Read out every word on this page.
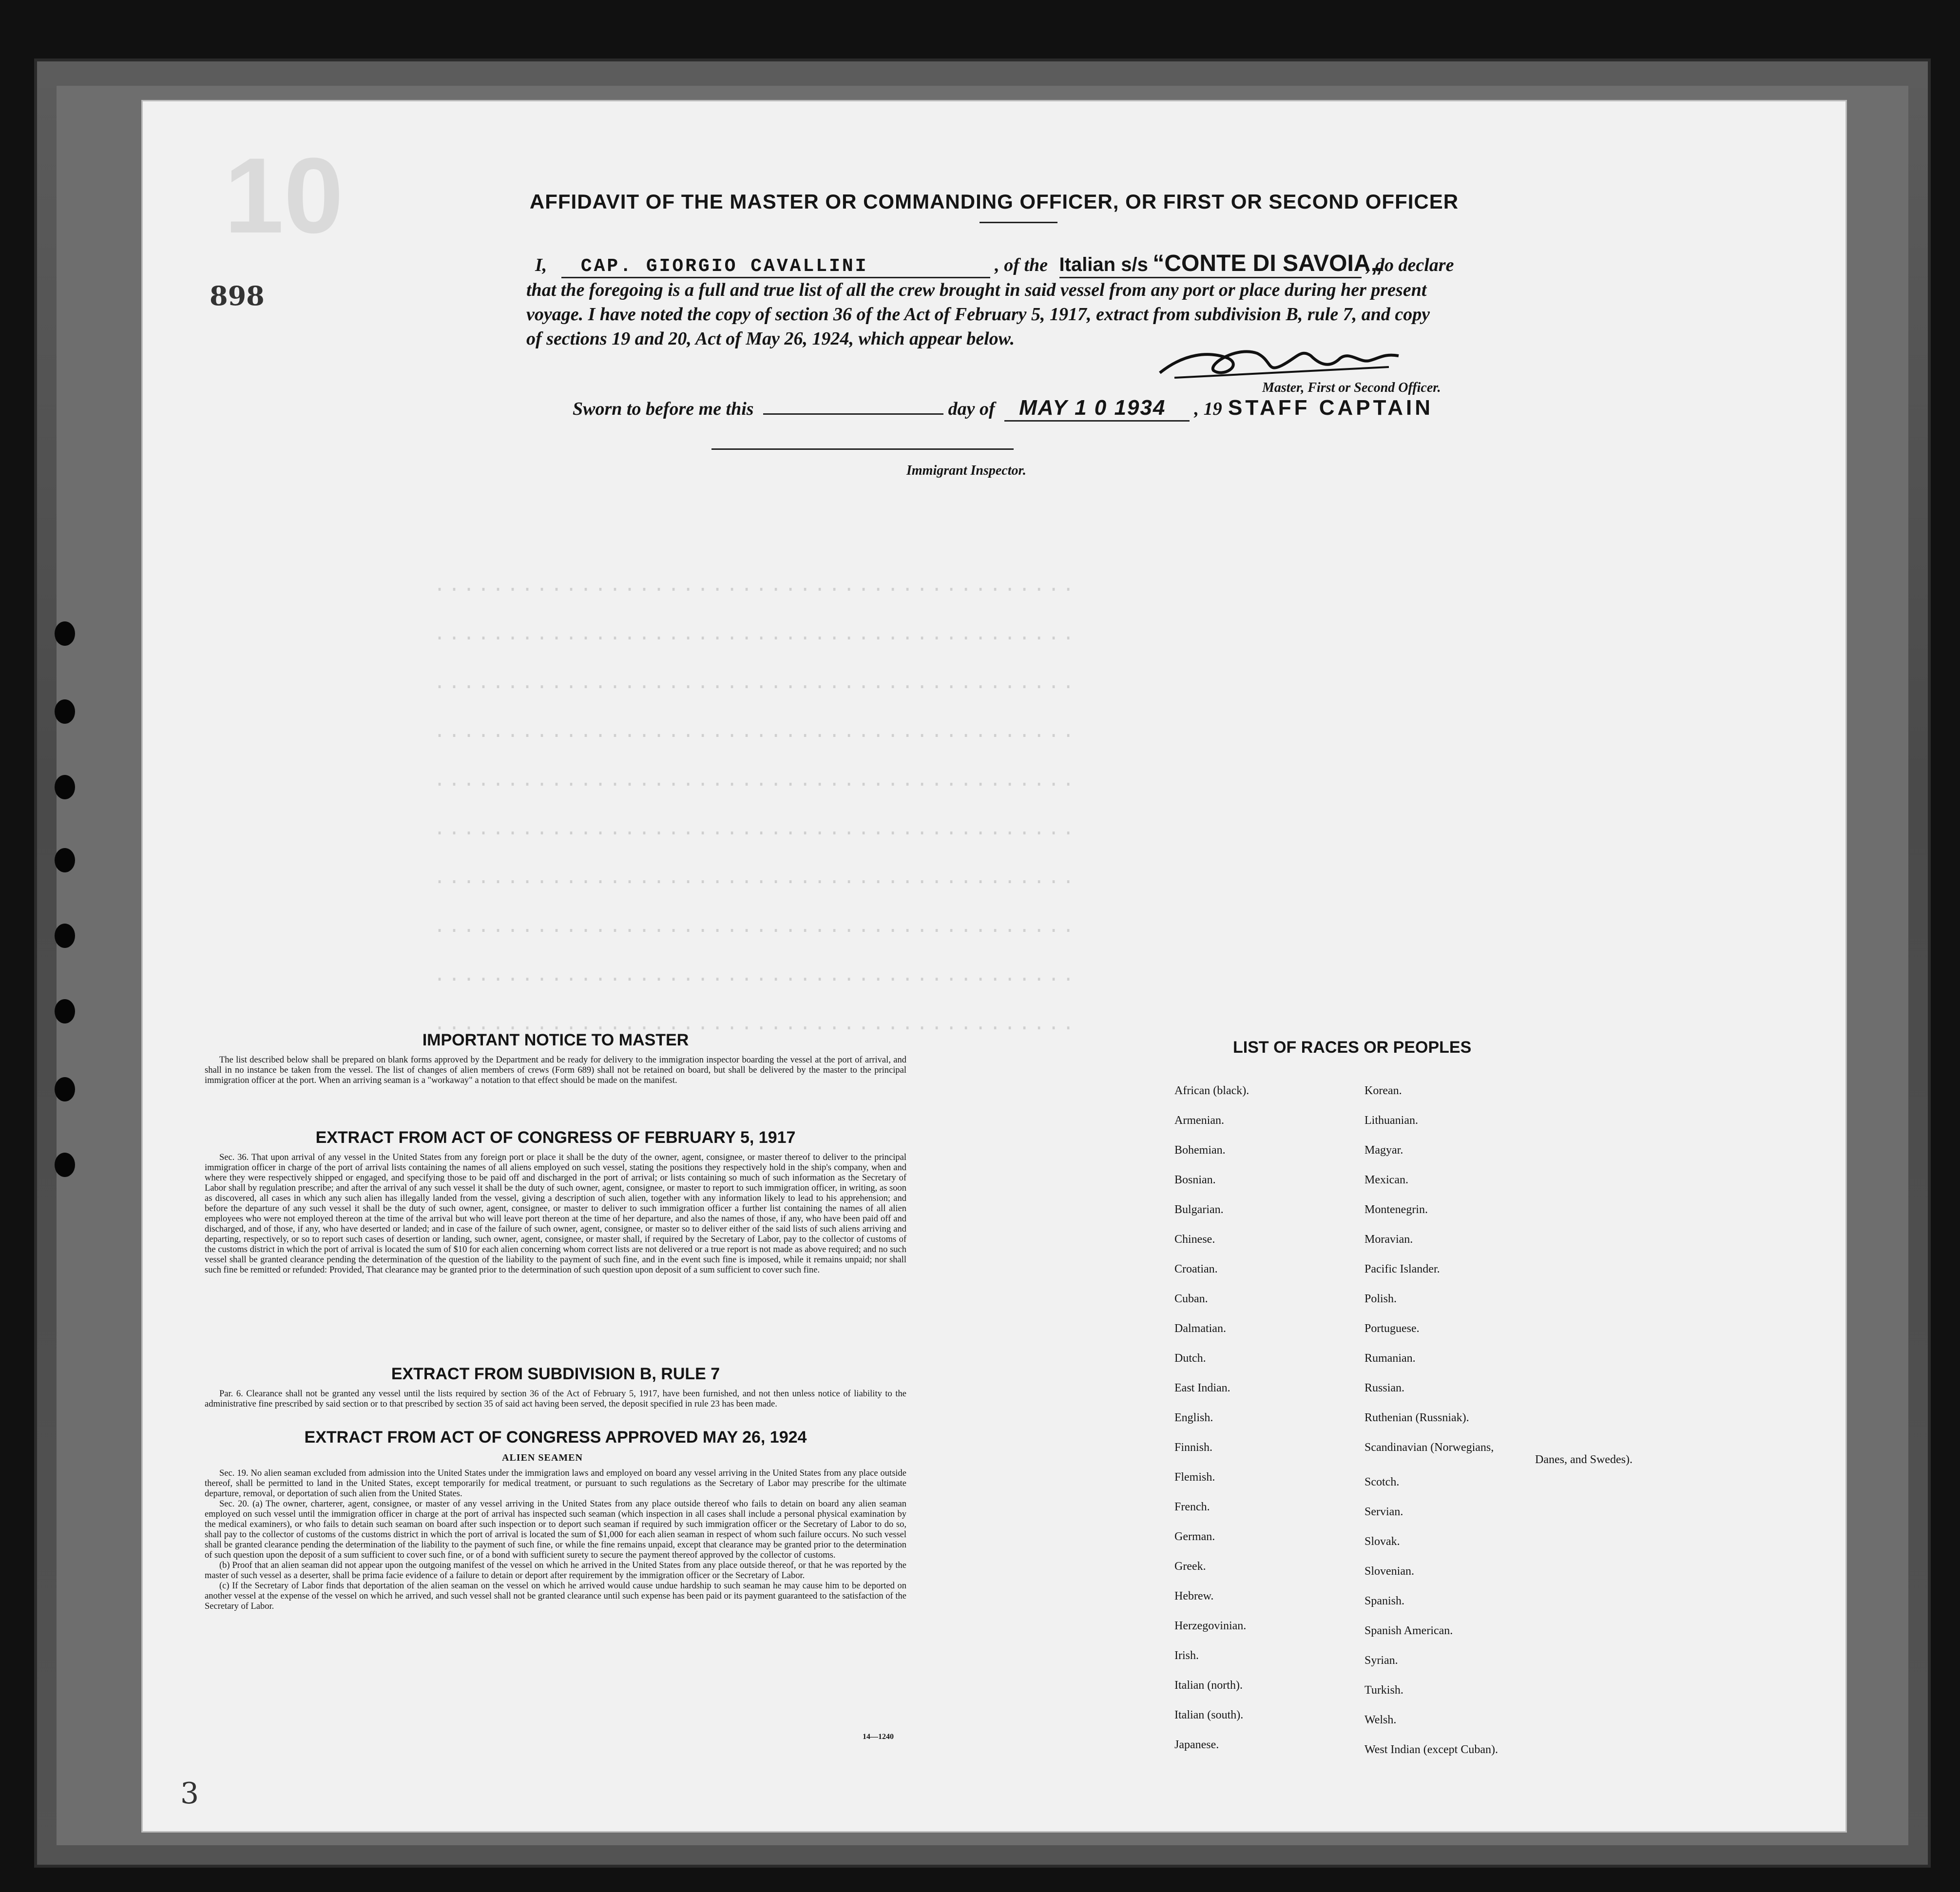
10
............................................
............................................
............................................
............................................
............................................
............................................
............................................
............................................
............................................
............................................
AFFIDAVIT OF THE MASTER OR COMMANDING OFFICER, OR FIRST OR SECOND OFFICER
I, CAP. GIORGIO CAVALLINI	, of the Italian s/s “CONTE DI SAVOIA„ , do declare
that the foregoing is a full and true list of all the crew brought in said vessel from any port or place during her present
voyage. I have noted the copy of section 36 of the Act of February 5, 1917, extract from subdivision B, rule 7, and copy
of sections 19 and 20, Act of May 26, 1924, which appear below.
898
Master, First or Second Officer.
Sworn to before me this	day of MAY 1 0 1934 , 19 STAFF CAPTAIN
Immigrant Inspector.
IMPORTANT NOTICE TO MASTER

The list described below shall be prepared on blank forms approved by the Department and be ready for delivery to the immigration inspector boarding the vessel at the port of arrival, and shall in no instance be taken from the vessel. The list of changes of alien members of crews (Form 689) shall not be retained on board, but shall be delivered by the master to the principal immigration officer at the port. When an arriving seaman is a "workaway" a notation to that effect should be made on the manifest.

EXTRACT FROM ACT OF CONGRESS OF FEBRUARY 5, 1917

Sec. 36. That upon arrival of any vessel in the United States from any foreign port or place it shall be the duty of the owner, agent, consignee, or master thereof to deliver to the principal immigration officer in charge of the port of arrival lists containing the names of all aliens employed on such vessel, stating the positions they respectively hold in the ship's company, when and where they were respectively shipped or engaged, and specifying those to be paid off and discharged in the port of arrival; or lists containing so much of such information as the Secretary of Labor shall by regulation prescribe; and after the arrival of any such vessel it shall be the duty of such owner, agent, consignee, or master to report to such immigration officer, in writing, as soon as discovered, all cases in which any such alien has illegally landed from the vessel, giving a description of such alien, together with any information likely to lead to his apprehension; and before the departure of any such vessel it shall be the duty of such owner, agent, consignee, or master to deliver to such immigration officer a further list containing the names of all alien employees who were not employed thereon at the time of the arrival but who will leave port thereon at the time of her departure, and also the names of those, if any, who have been paid off and discharged, and of those, if any, who have deserted or landed; and in case of the failure of such owner, agent, consignee, or master so to deliver either of the said lists of such aliens arriving and departing, respectively, or so to report such cases of desertion or landing, such owner, agent, consignee, or master shall, if required by the Secretary of Labor, pay to the collector of customs of the customs district in which the port of arrival is located the sum of $10 for each alien concerning whom correct lists are not delivered or a true report is not made as above required; and no such vessel shall be granted clearance pending the determination of the question of the liability to the payment of such fine, and in the event such fine is imposed, while it remains unpaid; nor shall such fine be remitted or refunded: Provided, That clearance may be granted prior to the determination of such question upon deposit of a sum sufficient to cover such fine.

EXTRACT FROM SUBDIVISION B, RULE 7

Par. 6. Clearance shall not be granted any vessel until the lists required by section 36 of the Act of February 5, 1917, have been furnished, and not then unless notice of liability to the administrative fine prescribed by said section or to that prescribed by section 35 of said act having been served, the deposit specified in rule 23 has been made.

EXTRACT FROM ACT OF CONGRESS APPROVED MAY 26, 1924
ALIEN SEAMEN

Sec. 19. No alien seaman excluded from admission into the United States under the immigration laws and employed on board any vessel arriving in the United States from any place outside thereof, shall be permitted to land in the United States, except temporarily for medical treatment, or pursuant to such regulations as the Secretary of Labor may prescribe for the ultimate departure, removal, or deportation of such alien from the United States.

Sec. 20. (a) The owner, charterer, agent, consignee, or master of any vessel arriving in the United States from any place outside thereof who fails to detain on board any alien seaman employed on such vessel until the immigration officer in charge at the port of arrival has inspected such seaman (which inspection in all cases shall include a personal physical examination by the medical examiners), or who fails to detain such seaman on board after such inspection or to deport such seaman if required by such immigration officer or the Secretary of Labor to do so, shall pay to the collector of customs of the customs district in which the port of arrival is located the sum of $1,000 for each alien seaman in respect of whom such failure occurs. No such vessel shall be granted clearance pending the determination of the liability to the payment of such fine, or while the fine remains unpaid, except that clearance may be granted prior to the determination of such question upon the deposit of a sum sufficient to cover such fine, or of a bond with sufficient surety to secure the payment thereof approved by the collector of customs.

(b) Proof that an alien seaman did not appear upon the outgoing manifest of the vessel on which he arrived in the United States from any place outside thereof, or that he was reported by the master of such vessel as a deserter, shall be prima facie evidence of a failure to detain or deport after requirement by the immigration officer or the Secretary of Labor.

(c) If the Secretary of Labor finds that deportation of the alien seaman on the vessel on which he arrived would cause undue hardship to such seaman he may cause him to be deported on another vessel at the expense of the vessel on which he arrived, and such vessel shall not be granted clearance until such expense has been paid or its payment guaranteed to the satisfaction of the Secretary of Labor.

14—1240
LIST OF RACES OR PEOPLES
Danes, and Swedes).
3
African (black).
Armenian.
Bohemian.
Bosnian.
Bulgarian.
Chinese.
Croatian.
Cuban.
Dalmatian.
Dutch.
East Indian.
English.
Finnish.
Flemish.
French.
German.
Greek.
Hebrew.
Herzegovinian.
Irish.
Italian (north).
Italian (south).
Japanese.
Korean.
Lithuanian.
Magyar.
Mexican.
Montenegrin.
Moravian.
Pacific Islander.
Polish.
Portuguese.
Rumanian.
Russian.
Ruthenian (Russniak).
Scandinavian (Norwegians,
Scotch.
Servian.
Slovak.
Slovenian.
Spanish.
Spanish American.
Syrian.
Turkish.
Welsh.
West Indian (except Cuban).
